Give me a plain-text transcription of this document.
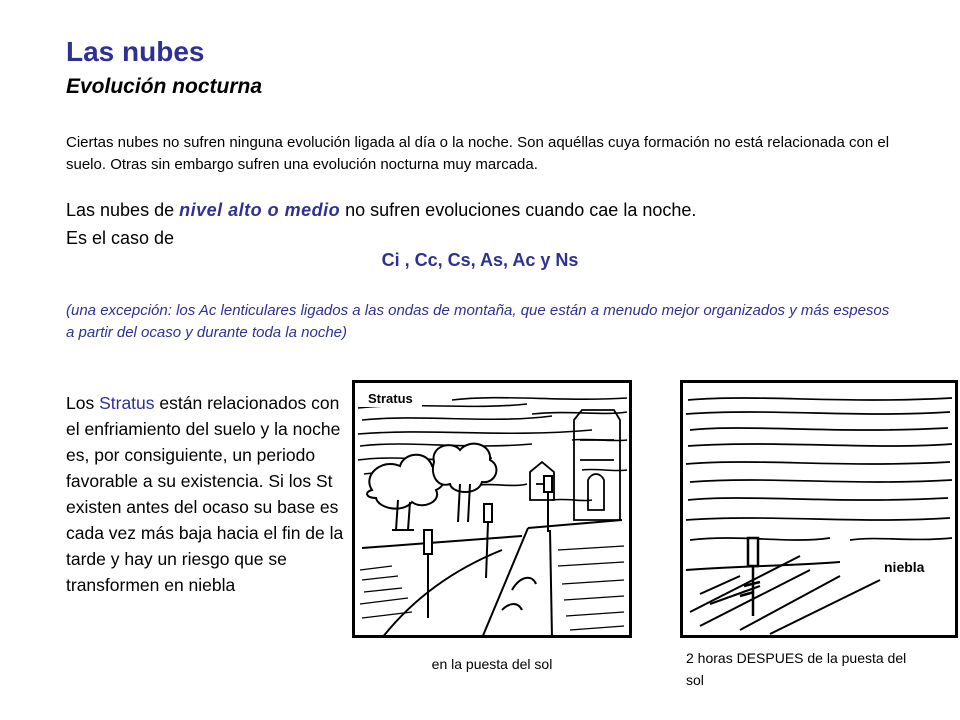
Las nubes
Evolución nocturna
Ciertas nubes no sufren ninguna evolución ligada al día o la noche. Son aquéllas cuya formación no está relacionada con el suelo. Otras sin embargo sufren una evolución nocturna muy marcada.
Las nubes de nivel alto o medio no sufren evoluciones cuando cae la noche.
Es el caso de
Ci , Cc, Cs, As, Ac y Ns
(una excepción: los Ac lenticulares ligados a las ondas de montaña, que están a menudo mejor organizados y más espesos a partir del ocaso y durante toda la noche)
Los Stratus están relacionados con el enfriamiento del suelo y la noche es, por consiguiente, un periodo favorable a su existencia. Si los St existen antes del ocaso su base es cada vez más baja hacia el fin de la tarde y hay un riesgo que se transformen en niebla
Stratus
niebla
en la puesta del sol	2 horas DESPUES de la puesta del sol
